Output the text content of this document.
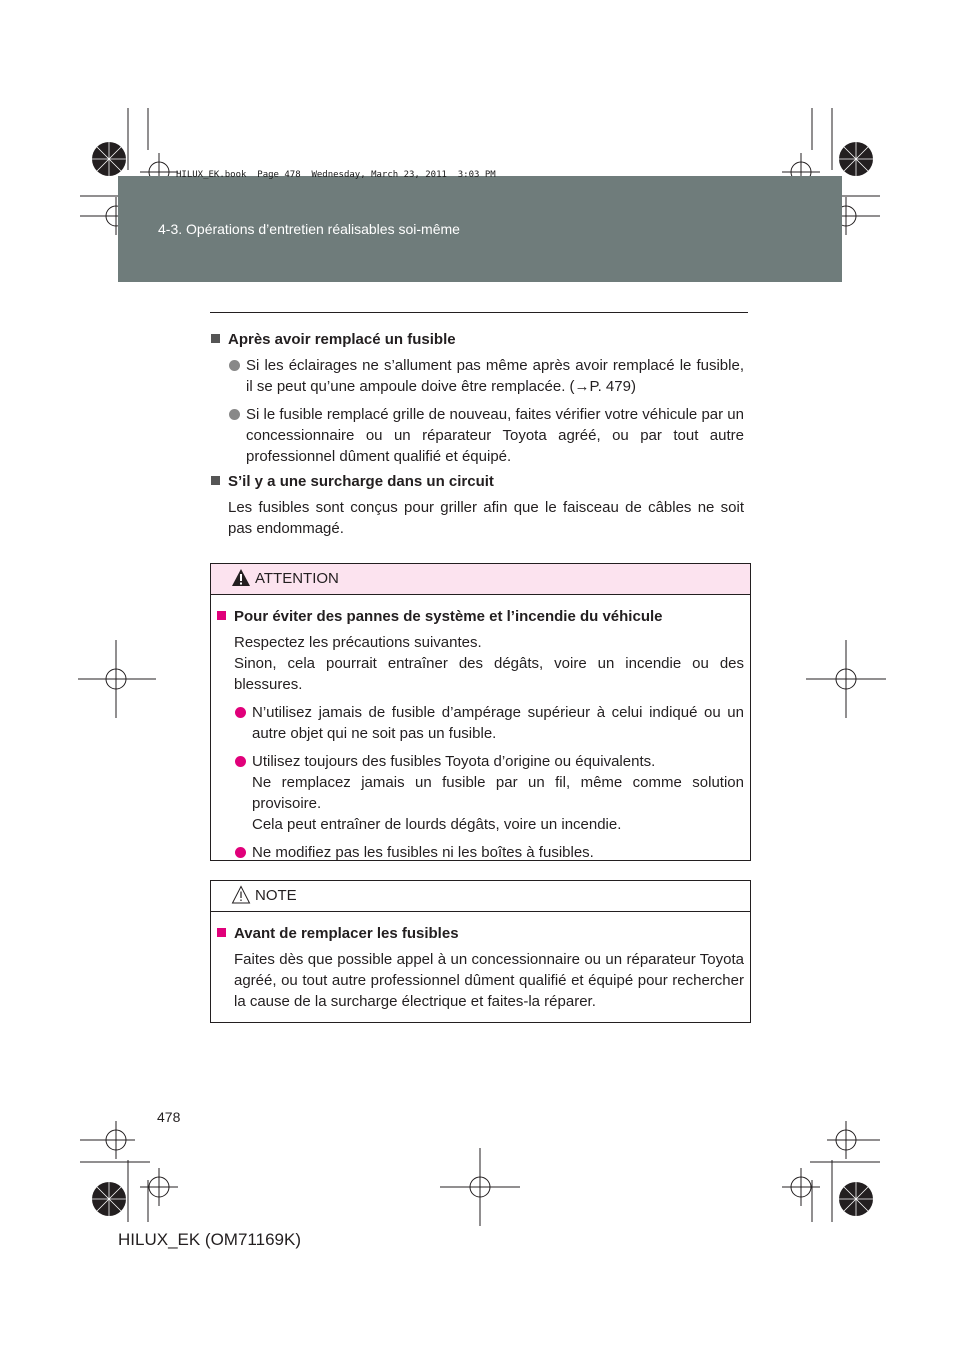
HILUX_EK.book  Page 478  Wednesday, March 23, 2011  3:03 PM
4-3. Opérations d’entretien réalisables soi-même

Après avoir remplacé un fusible

Si les éclairages ne s’allument pas même après avoir remplacé le fusible, il se peut qu’une ampoule doive être remplacée. (→P. 479)

Si le fusible remplacé grille de nouveau, faites vérifier votre véhicule par un concessionnaire ou un réparateur Toyota agréé, ou par tout autre professionnel dûment qualifié et équipé.

S’il y a une surcharge dans un circuit

Les fusibles sont conçus pour griller afin que le faisceau de câbles ne soit pas endommagé.

ATTENTION

Pour éviter des pannes de système et l’incendie du véhicule

Respectez les précautions suivantes.
Sinon, cela pourrait entraîner des dégâts, voire un incendie ou des blessures.

N’utilisez jamais de fusible d’ampérage supérieur à celui indiqué ou un autre objet qui ne soit pas un fusible.

Utilisez toujours des fusibles Toyota d’origine ou équivalents.
Ne remplacez jamais un fusible par un fil, même comme solution provisoire.
Cela peut entraîner de lourds dégâts, voire un incendie.

Ne modifiez pas les fusibles ni les boîtes à fusibles.

NOTE

Avant de remplacer les fusibles

Faites dès que possible appel à un concessionnaire ou un réparateur Toyota agréé, ou tout autre professionnel dûment qualifié et équipé pour rechercher la cause de la surcharge électrique et faites-la réparer.

478
HILUX_EK (OM71169K)
